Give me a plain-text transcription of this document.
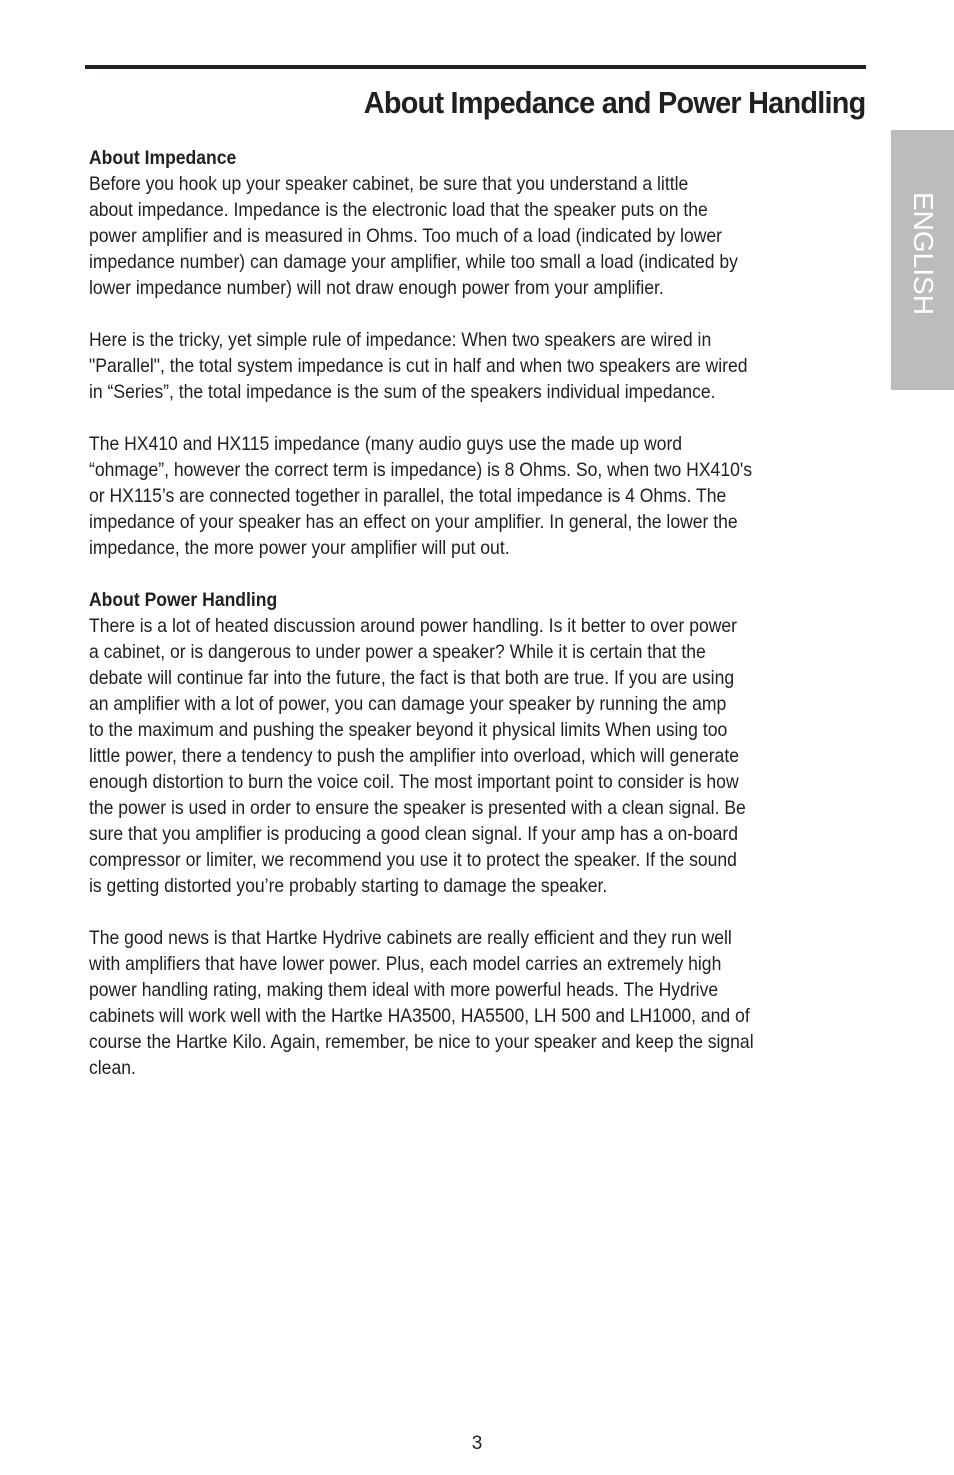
About Impedance and Power Handling
ENGLISH
About Impedance
Before you hook up your speaker cabinet, be sure that you understand a little
about impedance. Impedance is the electronic load that the speaker puts on the
power amplifier and is measured in Ohms. Too much of a load (indicated by lower
impedance number) can damage your amplifier, while too small a load (indicated by
lower impedance number) will not draw enough power from your amplifier.
Here is the tricky, yet simple rule of impedance: When two speakers are wired in
"Parallel", the total system impedance is cut in half and when two speakers are wired
in “Series”, the total impedance is the sum of the speakers individual impedance.
The HX410 and HX115 impedance (many audio guys use the made up word
“ohmage”, however the correct term is impedance) is 8 Ohms. So, when two HX410's
or HX115’s are connected together in parallel, the total impedance is 4 Ohms. The
impedance of your speaker has an effect on your amplifier. In general, the lower the
impedance, the more power your amplifier will put out.
About Power Handling
There is a lot of heated discussion around power handling. Is it better to over power
a cabinet, or is dangerous to under power a speaker? While it is certain that the
debate will continue far into the future, the fact is that both are true. If you are using
an amplifier with a lot of power, you can damage your speaker by running the amp
to the maximum and pushing the speaker beyond it physical limits When using too
little power, there a tendency to push the amplifier into overload, which will generate
enough distortion to burn the voice coil. The most important point to consider is how
the power is used in order to ensure the speaker is presented with a clean signal. Be
sure that you amplifier is producing a good clean signal. If your amp has a on-board
compressor or limiter, we recommend you use it to protect the speaker. If the sound
is getting distorted you’re probably starting to damage the speaker.
The good news is that Hartke Hydrive cabinets are really efficient and they run well
with amplifiers that have lower power. Plus, each model carries an extremely high
power handling rating, making them ideal with more powerful heads. The Hydrive
cabinets will work well with the Hartke HA3500, HA5500, LH 500 and LH1000, and of
course the Hartke Kilo. Again, remember, be nice to your speaker and keep the signal
clean.
3
